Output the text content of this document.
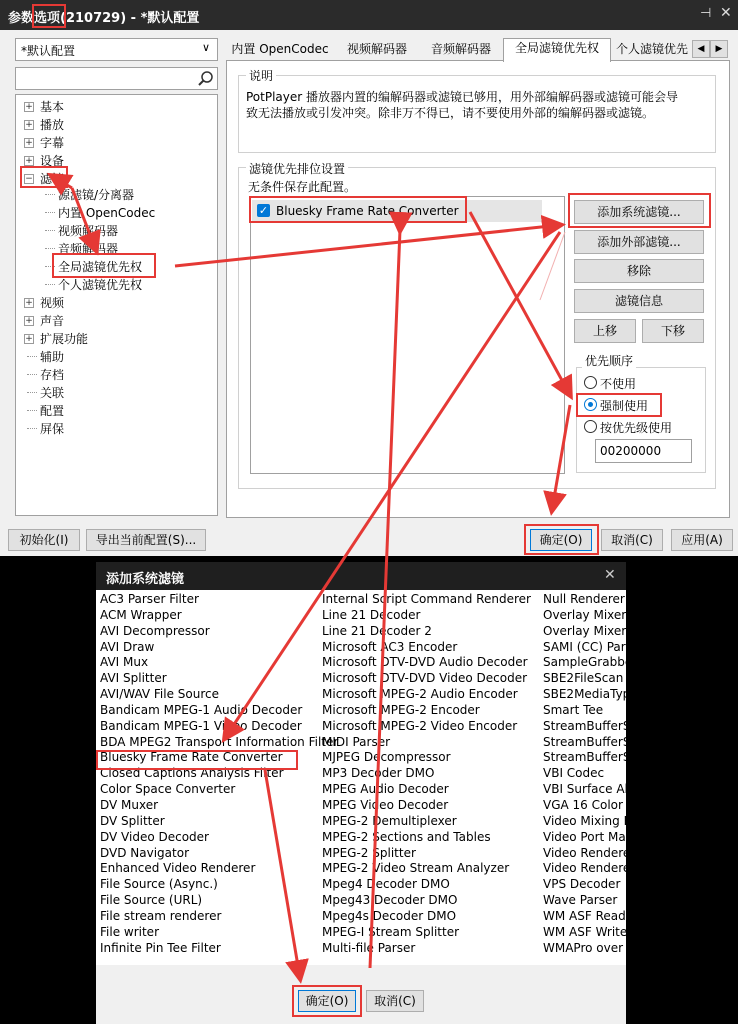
参数选项(210729) - *默认配置	⊣ ✕
*默认配置	∨
+ 基本
+ 播放
+ 字幕
+ 设备
− 滤镜
+ 视频
+ 声音
+ 扩展功能
辅助
存档
关联
配置
屏保
源滤镜/分离器
内置 OpenCodec
视频解码器
音频解码器
全局滤镜优先权
个人滤镜优先权
内置 OpenCodec	视频解码器	音频解码器	全局滤镜优先权	个人滤镜优先	◀	▶
说明
PotPlayer 播放器内置的编解码器或滤镜已够用，用外部编解码器或滤镜可能会导
致无法播放或引发冲突。除非万不得已，请不要使用外部的编解码器或滤镜。
滤镜优先排位设置
无条件保存此配置。
✓ Bluesky Frame Rate Converter	添加系统滤镜...
添加外部滤镜...
移除
滤镜信息
上移	下移
优先顺序
不使用
强制使用
按优先级使用
00200000
初始化(I)	导出当前配置(S)...	确定(O)	取消(C)	应用(A)
添加系统滤镜	✕
AC3 Parser Filter
ACM Wrapper
AVI Decompressor
AVI Draw
AVI Mux
AVI Splitter
AVI/WAV File Source
Bandicam MPEG-1 Audio Decoder
Bandicam MPEG-1 Video Decoder
BDA MPEG2 Transport Information Filter
Bluesky Frame Rate Converter
Closed Captions Analysis Filter
Color Space Converter
DV Muxer
DV Splitter
DV Video Decoder
DVD Navigator
Enhanced Video Renderer
File Source (Async.)
File Source (URL)
File stream renderer
File writer
Infinite Pin Tee Filter
Internal Script Command Renderer
Line 21 Decoder
Line 21 Decoder 2
Microsoft AC3 Encoder
Microsoft DTV-DVD Audio Decoder
Microsoft DTV-DVD Video Decoder
Microsoft MPEG-2 Audio Encoder
Microsoft MPEG-2 Encoder
Microsoft MPEG-2 Video Encoder
MIDI Parser
MJPEG Decompressor
MP3 Decoder DMO
MPEG Audio Decoder
MPEG Video Decoder
MPEG-2 Demultiplexer
MPEG-2 Sections and Tables
MPEG-2 Splitter
MPEG-2 Video Stream Analyzer
Mpeg4 Decoder DMO
Mpeg43 Decoder DMO
Mpeg4s Decoder DMO
MPEG-I Stream Splitter
Multi-file Parser
Null Renderer
Overlay Mixer
Overlay Mixer2
SAMI (CC) Parse
SampleGrabber
SBE2FileScan
SBE2MediaType
Smart Tee
StreamBufferSin
StreamBufferSin
StreamBufferSo
VBI Codec
VBI Surface Allo
VGA 16 Color Di
Video Mixing Re
Video Port Man
Video Renderer
Video Renderer
VPS Decoder
Wave Parser
WM ASF Reader
WM ASF Writer
WMAPro over S
确定(O)	取消(C)
